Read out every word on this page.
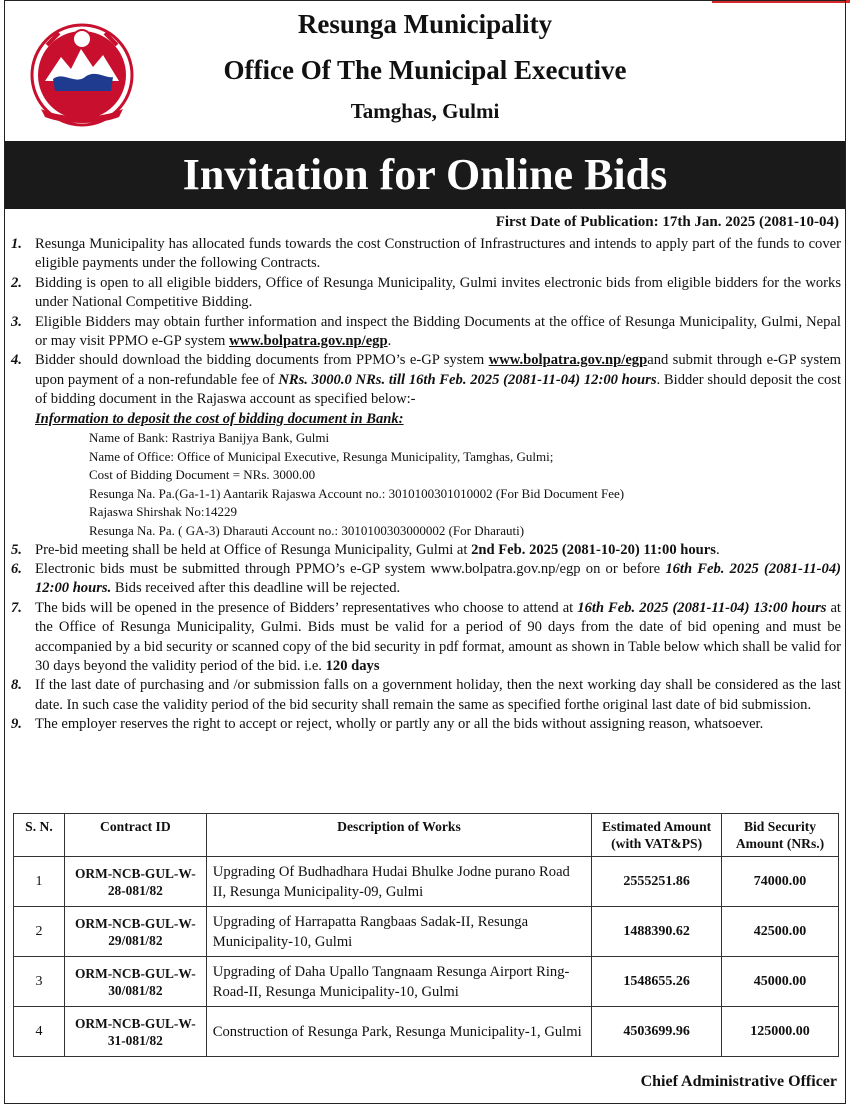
Resunga Municipality
Office Of The Municipal Executive
Tamghas, Gulmi
Invitation for Online Bids
First Date of Publication: 17th Jan. 2025 (2081-10-04)
1. Resunga Municipality has allocated funds towards the cost Construction of Infrastructures and intends to apply part of the funds to cover eligible payments under the following Contracts.
2. Bidding is open to all eligible bidders, Office of Resunga Municipality, Gulmi invites electronic bids from eligible bidders for the works under National Competitive Bidding.
3. Eligible Bidders may obtain further information and inspect the Bidding Documents at the office of Resunga Municipality, Gulmi, Nepal or may visit PPMO e-GP system www.bolpatra.gov.np/egp.
4. Bidder should download the bidding documents from PPMO’s e-GP system www.bolpatra.gov.np/egpand submit through e-GP system upon payment of a non-refundable fee of NRs. 3000.0 NRs. till 16th Feb. 2025 (2081-11-04) 12:00 hours. Bidder should deposit the cost of bidding document in the Rajaswa account as specified below:-
Information to deposit the cost of bidding document in Bank:
Name of Bank: Rastriya Banijya Bank, Gulmi
Name of Office: Office of Municipal Executive, Resunga Municipality, Tamghas, Gulmi;
Cost of Bidding Document = NRs. 3000.00
Resunga Na. Pa.(Ga-1-1) Aantarik Rajaswa Account no.: 3010100301010002 (For Bid Document Fee)
Rajaswa Shirshak No:14229
Resunga Na. Pa. ( GA-3) Dharauti Account no.: 3010100303000002 (For Dharauti)
5. Pre-bid meeting shall be held at Office of Resunga Municipality, Gulmi at 2nd Feb. 2025 (2081-10-20) 11:00 hours.
6. Electronic bids must be submitted through PPMO’s e-GP system www.bolpatra.gov.np/egp on or before 16th Feb. 2025 (2081-11-04) 12:00 hours. Bids received after this deadline will be rejected.
7. The bids will be opened in the presence of Bidders’ representatives who choose to attend at 16th Feb. 2025 (2081-11-04) 13:00 hours at the Office of Resunga Municipality, Gulmi. Bids must be valid for a period of 90 days from the date of bid opening and must be accompanied by a bid security or scanned copy of the bid security in pdf format, amount as shown in Table below which shall be valid for 30 days beyond the validity period of the bid. i.e. 120 days
8. If the last date of purchasing and /or submission falls on a government holiday, then the next working day shall be considered as the last date. In such case the validity period of the bid security shall remain the same as specified forthe original last date of bid submission.
9. The employer reserves the right to accept or reject, wholly or partly any or all the bids without assigning reason, whatsoever.
S. N.	Contract ID	Description of Works	Estimated Amount (with VAT&PS)	Bid Security Amount (NRs.)
1	ORM-NCB-GUL-W-28-081/82	Upgrading Of Budhadhara Hudai Bhulke Jodne purano Road II, Resunga Municipality-09, Gulmi	2555251.86	74000.00
2	ORM-NCB-GUL-W-29/081/82	Upgrading of Harrapatta Rangbaas Sadak-II, Resunga Municipality-10, Gulmi	1488390.62	42500.00
3	ORM-NCB-GUL-W-30/081/82	Upgrading of Daha Upallo Tangnaam Resunga Airport Ring-Road-II, Resunga Municipality-10, Gulmi	1548655.26	45000.00
4	ORM-NCB-GUL-W-31-081/82	Construction of Resunga Park, Resunga Municipality-1, Gulmi	4503699.96	125000.00
Chief Administrative Officer
